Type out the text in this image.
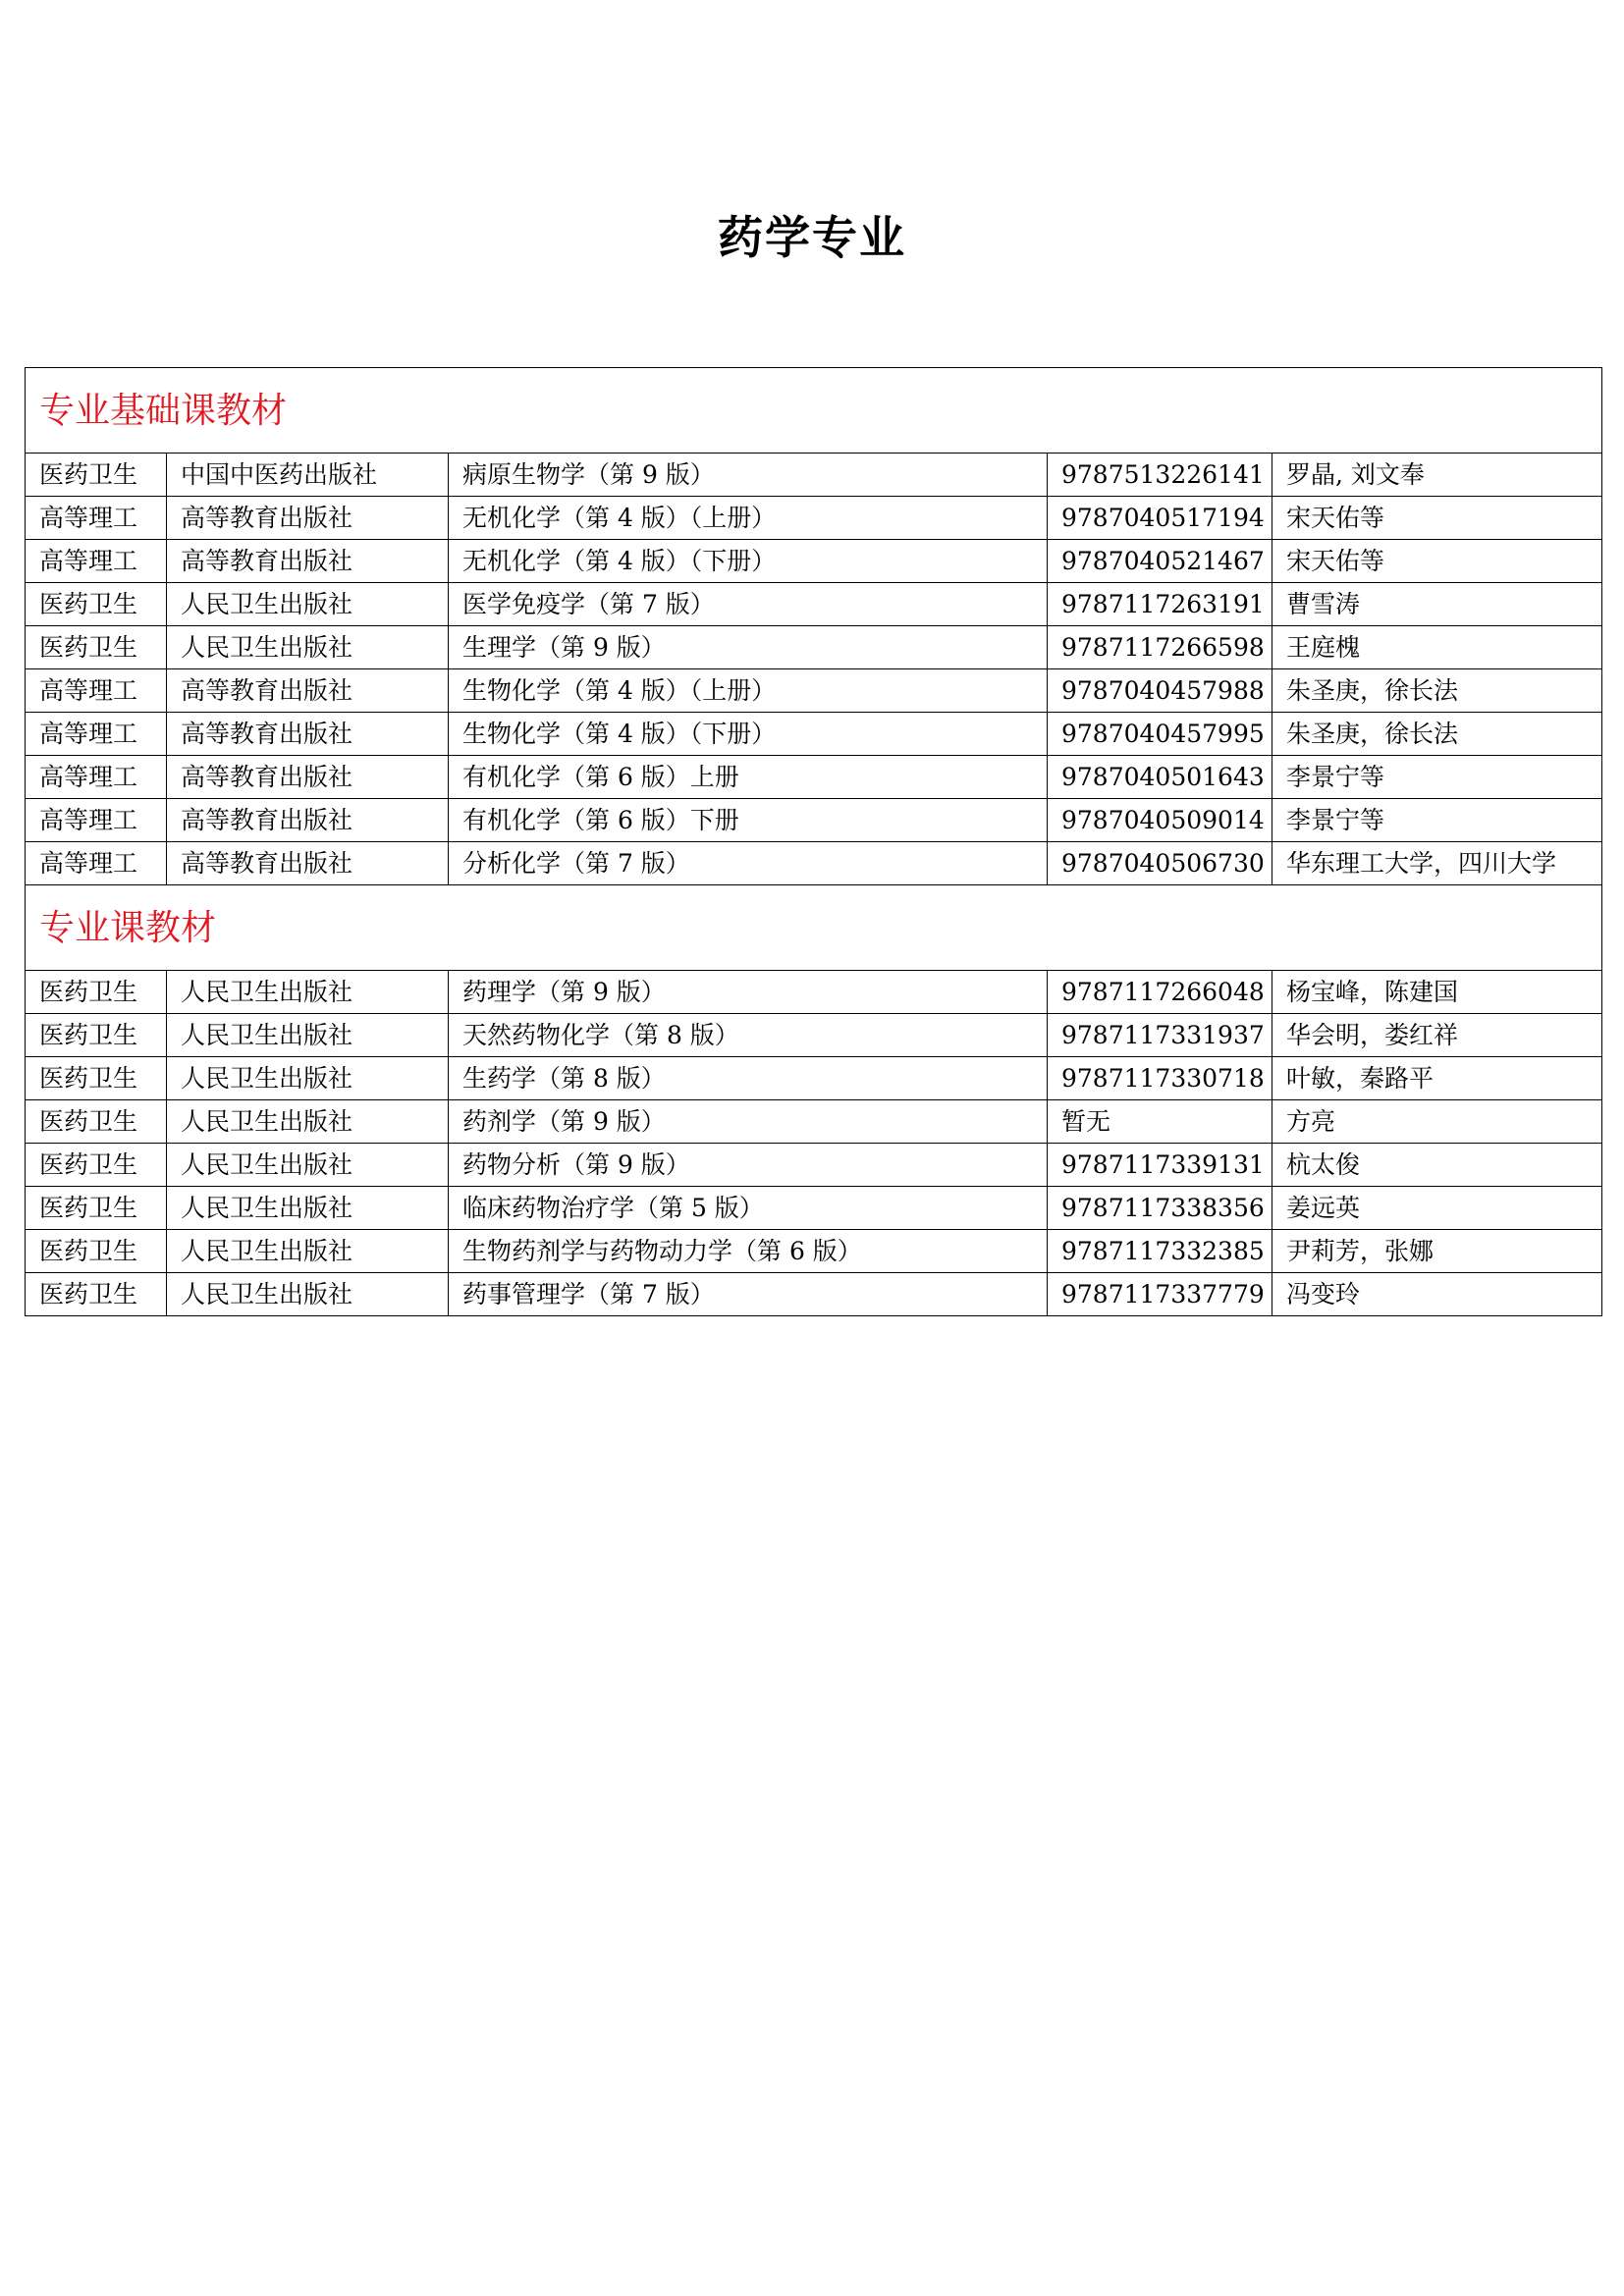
药学专业
专业基础课教材				
医药卫生	中国中医药出版社	病原生物学（第 9 版）	9787513226141	罗晶, 刘文奉
高等理工	高等教育出版社	无机化学（第 4 版）（上册）	9787040517194	宋天佑等
高等理工	高等教育出版社	无机化学（第 4 版）（下册）	9787040521467	宋天佑等
医药卫生	人民卫生出版社	医学免疫学（第 7 版）	9787117263191	曹雪涛
医药卫生	人民卫生出版社	生理学（第 9 版）	9787117266598	王庭槐
高等理工	高等教育出版社	生物化学（第 4 版）（上册）	9787040457988	朱圣庚，徐长法
高等理工	高等教育出版社	生物化学（第 4 版）（下册）	9787040457995	朱圣庚，徐长法
高等理工	高等教育出版社	有机化学（第 6 版）上册	9787040501643	李景宁等
高等理工	高等教育出版社	有机化学（第 6 版）下册	9787040509014	李景宁等
高等理工	高等教育出版社	分析化学（第 7 版）	9787040506730	华东理工大学，四川大学
专业课教材				
医药卫生	人民卫生出版社	药理学（第 9 版）	9787117266048	杨宝峰，陈建国
医药卫生	人民卫生出版社	天然药物化学（第 8 版）	9787117331937	华会明，娄红祥
医药卫生	人民卫生出版社	生药学（第 8 版）	9787117330718	叶敏，秦路平
医药卫生	人民卫生出版社	药剂学（第 9 版）	暂无	方亮
医药卫生	人民卫生出版社	药物分析（第 9 版）	9787117339131	杭太俊
医药卫生	人民卫生出版社	临床药物治疗学（第 5 版）	9787117338356	姜远英
医药卫生	人民卫生出版社	生物药剂学与药物动力学（第 6 版）	9787117332385	尹莉芳，张娜
医药卫生	人民卫生出版社	药事管理学（第 7 版）	9787117337779	冯变玲
